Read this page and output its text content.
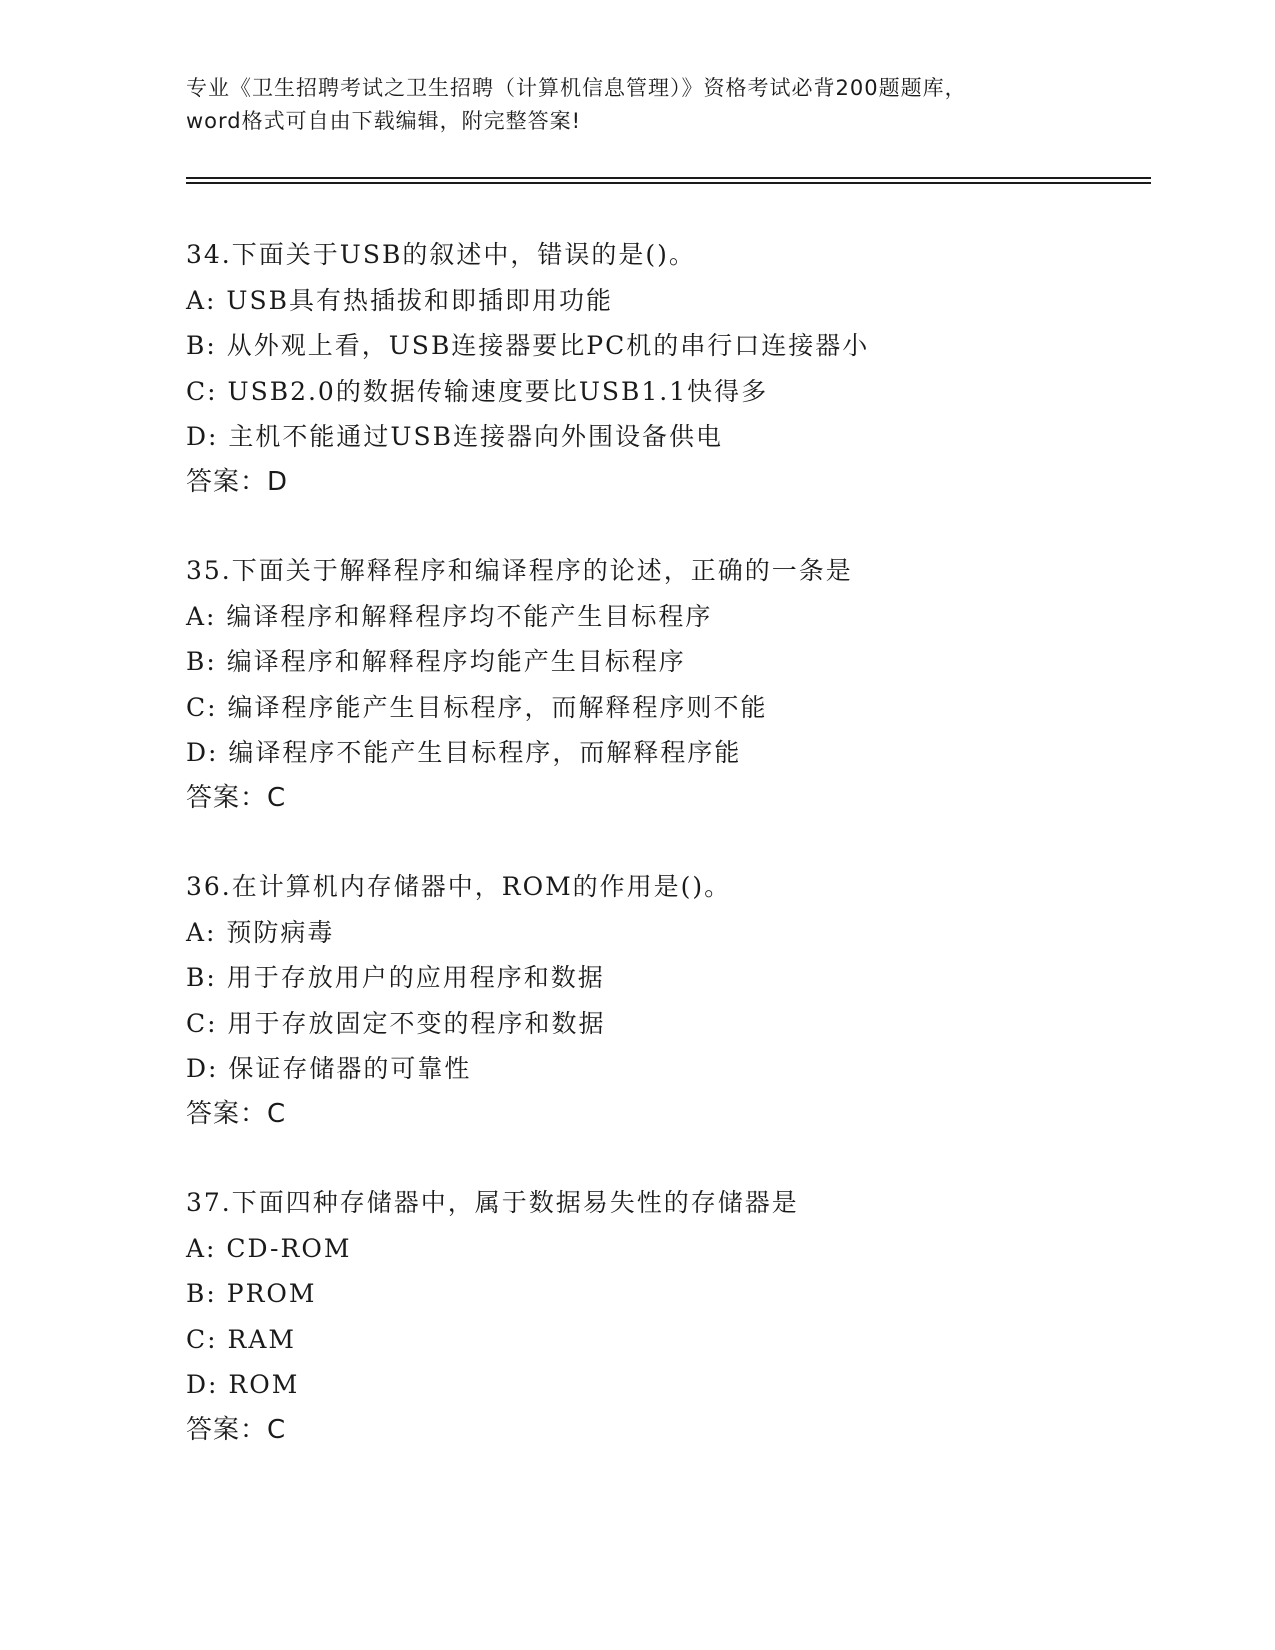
专业《卫生招聘考试之卫生招聘（计算机信息管理）》资格考试必背200题题库，
word格式可自由下载编辑，附完整答案!
34.下面关于USB的叙述中，错误的是()。
A: USB具有热插拔和即插即用功能
B: 从外观上看，USB连接器要比PC机的串行口连接器小
C: USB2.0的数据传输速度要比USB1.1快得多
D: 主机不能通过USB连接器向外围设备供电
答案：D
35.下面关于解释程序和编译程序的论述，正确的一条是
A: 编译程序和解释程序均不能产生目标程序
B: 编译程序和解释程序均能产生目标程序
C: 编译程序能产生目标程序，而解释程序则不能
D: 编译程序不能产生目标程序，而解释程序能
答案：C
36.在计算机内存储器中，ROM的作用是()。
A: 预防病毒
B: 用于存放用户的应用程序和数据
C: 用于存放固定不变的程序和数据
D: 保证存储器的可靠性
答案：C
37.下面四种存储器中，属于数据易失性的存储器是
A: CD-ROM
B: PROM
C: RAM
D: ROM
答案：C
